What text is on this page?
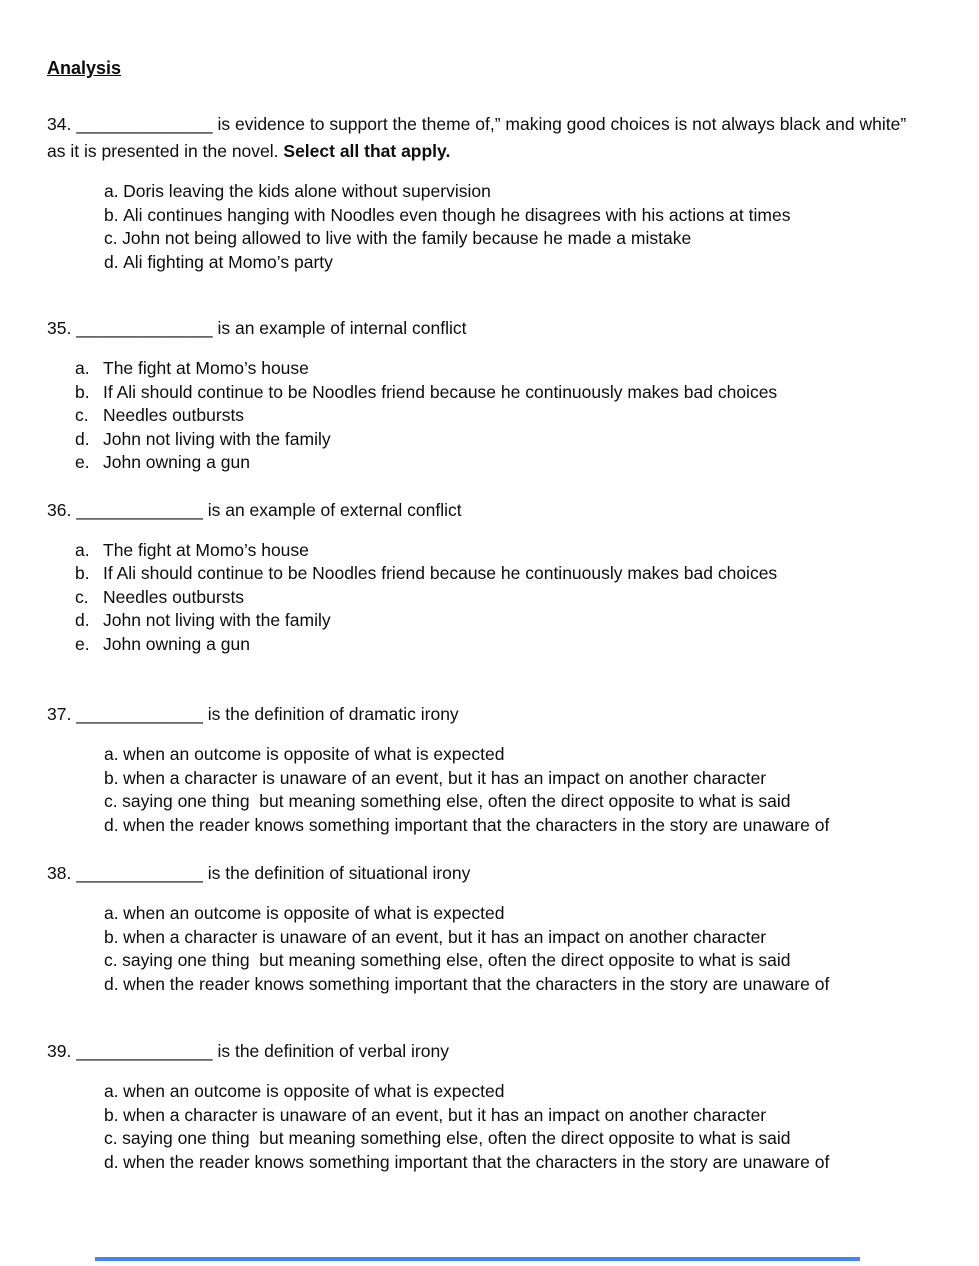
Analysis

34. ______________ is evidence to support the theme of,” making good choices is not always black and white” as it is presented in the novel. Select all that apply.

a. Doris leaving the kids alone without supervision
b. Ali continues hanging with Noodles even though he disagrees with his actions at times
c. John not being allowed to live with the family because he made a mistake
d. Ali fighting at Momo’s party

35. ______________ is an example of internal conflict

a. The fight at Momo’s house
b. If Ali should continue to be Noodles friend because he continuously makes bad choices
c. Needles outbursts
d. John not living with the family
e. John owning a gun

36. _____________ is an example of external conflict

a. The fight at Momo’s house
b. If Ali should continue to be Noodles friend because he continuously makes bad choices
c. Needles outbursts
d. John not living with the family
e. John owning a gun

37. _____________ is the definition of dramatic irony

a. when an outcome is opposite of what is expected
b. when a character is unaware of an event, but it has an impact on another character
c. saying one thing  but meaning something else, often the direct opposite to what is said
d. when the reader knows something important that the characters in the story are unaware of

38. _____________ is the definition of situational irony

a. when an outcome is opposite of what is expected
b. when a character is unaware of an event, but it has an impact on another character
c. saying one thing  but meaning something else, often the direct opposite to what is said
d. when the reader knows something important that the characters in the story are unaware of

39. ______________ is the definition of verbal irony

a. when an outcome is opposite of what is expected
b. when a character is unaware of an event, but it has an impact on another character
c. saying one thing  but meaning something else, often the direct opposite to what is said
d. when the reader knows something important that the characters in the story are unaware of
